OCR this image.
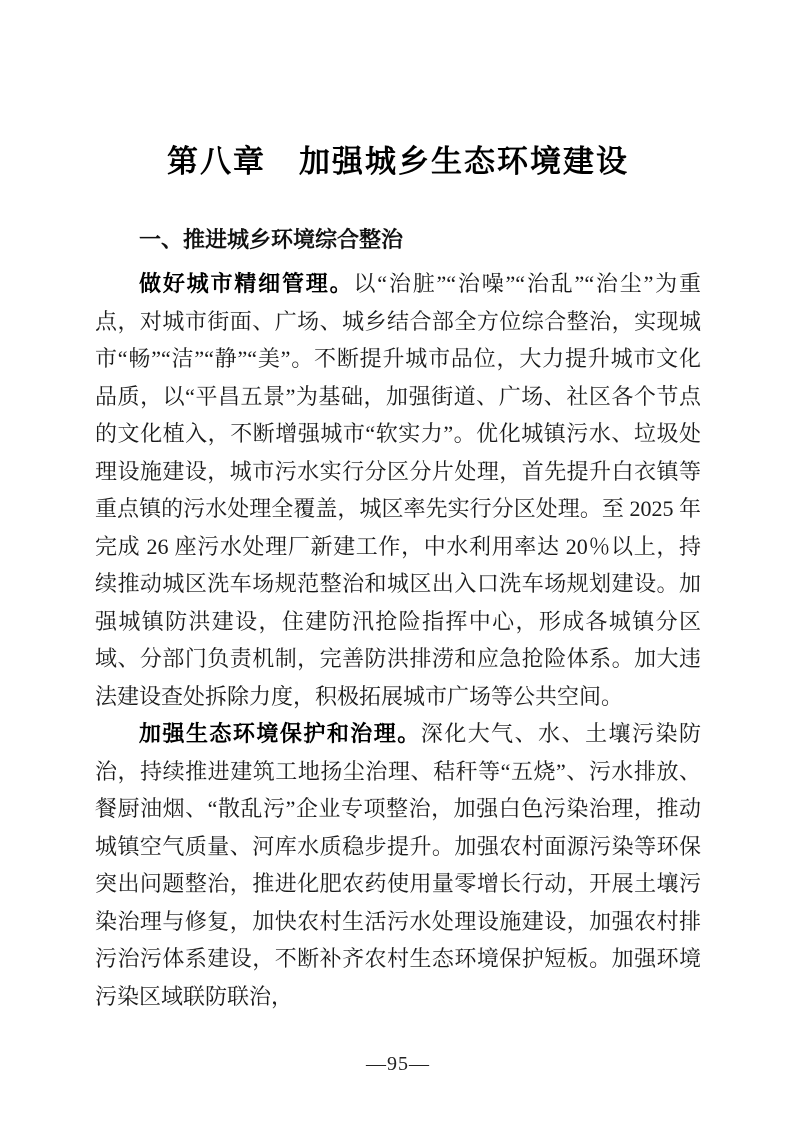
第八章　加强城乡生态环境建设
一、推进城乡环境综合整治

做好城市精细管理。以“治脏”“治噪”“治乱”“治尘”为重点，对城市街面、广场、城乡结合部全方位综合整治，实现城市“畅”“洁”“静”“美”。不断提升城市品位，大力提升城市文化品质，以“平昌五景”为基础，加强街道、广场、社区各个节点的文化植入，不断增强城市“软实力”。优化城镇污水、垃圾处理设施建设，城市污水实行分区分片处理，首先提升白衣镇等重点镇的污水处理全覆盖，城区率先实行分区处理。至 2025 年完成 26 座污水处理厂新建工作，中水利用率达 20％以上，持续推动城区洗车场规范整治和城区出入口洗车场规划建设。加强城镇防洪建设，住建防汛抢险指挥中心，形成各城镇分区域、分部门负责机制，完善防洪排涝和应急抢险体系。加大违法建设查处拆除力度，积极拓展城市广场等公共空间。

加强生态环境保护和治理。深化大气、水、土壤污染防治，持续推进建筑工地扬尘治理、秸秆等“五烧”、污水排放、餐厨油烟、“散乱污”企业专项整治，加强白色污染治理，推动城镇空气质量、河库水质稳步提升。加强农村面源污染等环保突出问题整治，推进化肥农药使用量零增长行动，开展土壤污染治理与修复，加快农村生活污水处理设施建设，加强农村排污治污体系建设，不断补齐农村生态环境保护短板。加强环境污染区域联防联治，

—95—
